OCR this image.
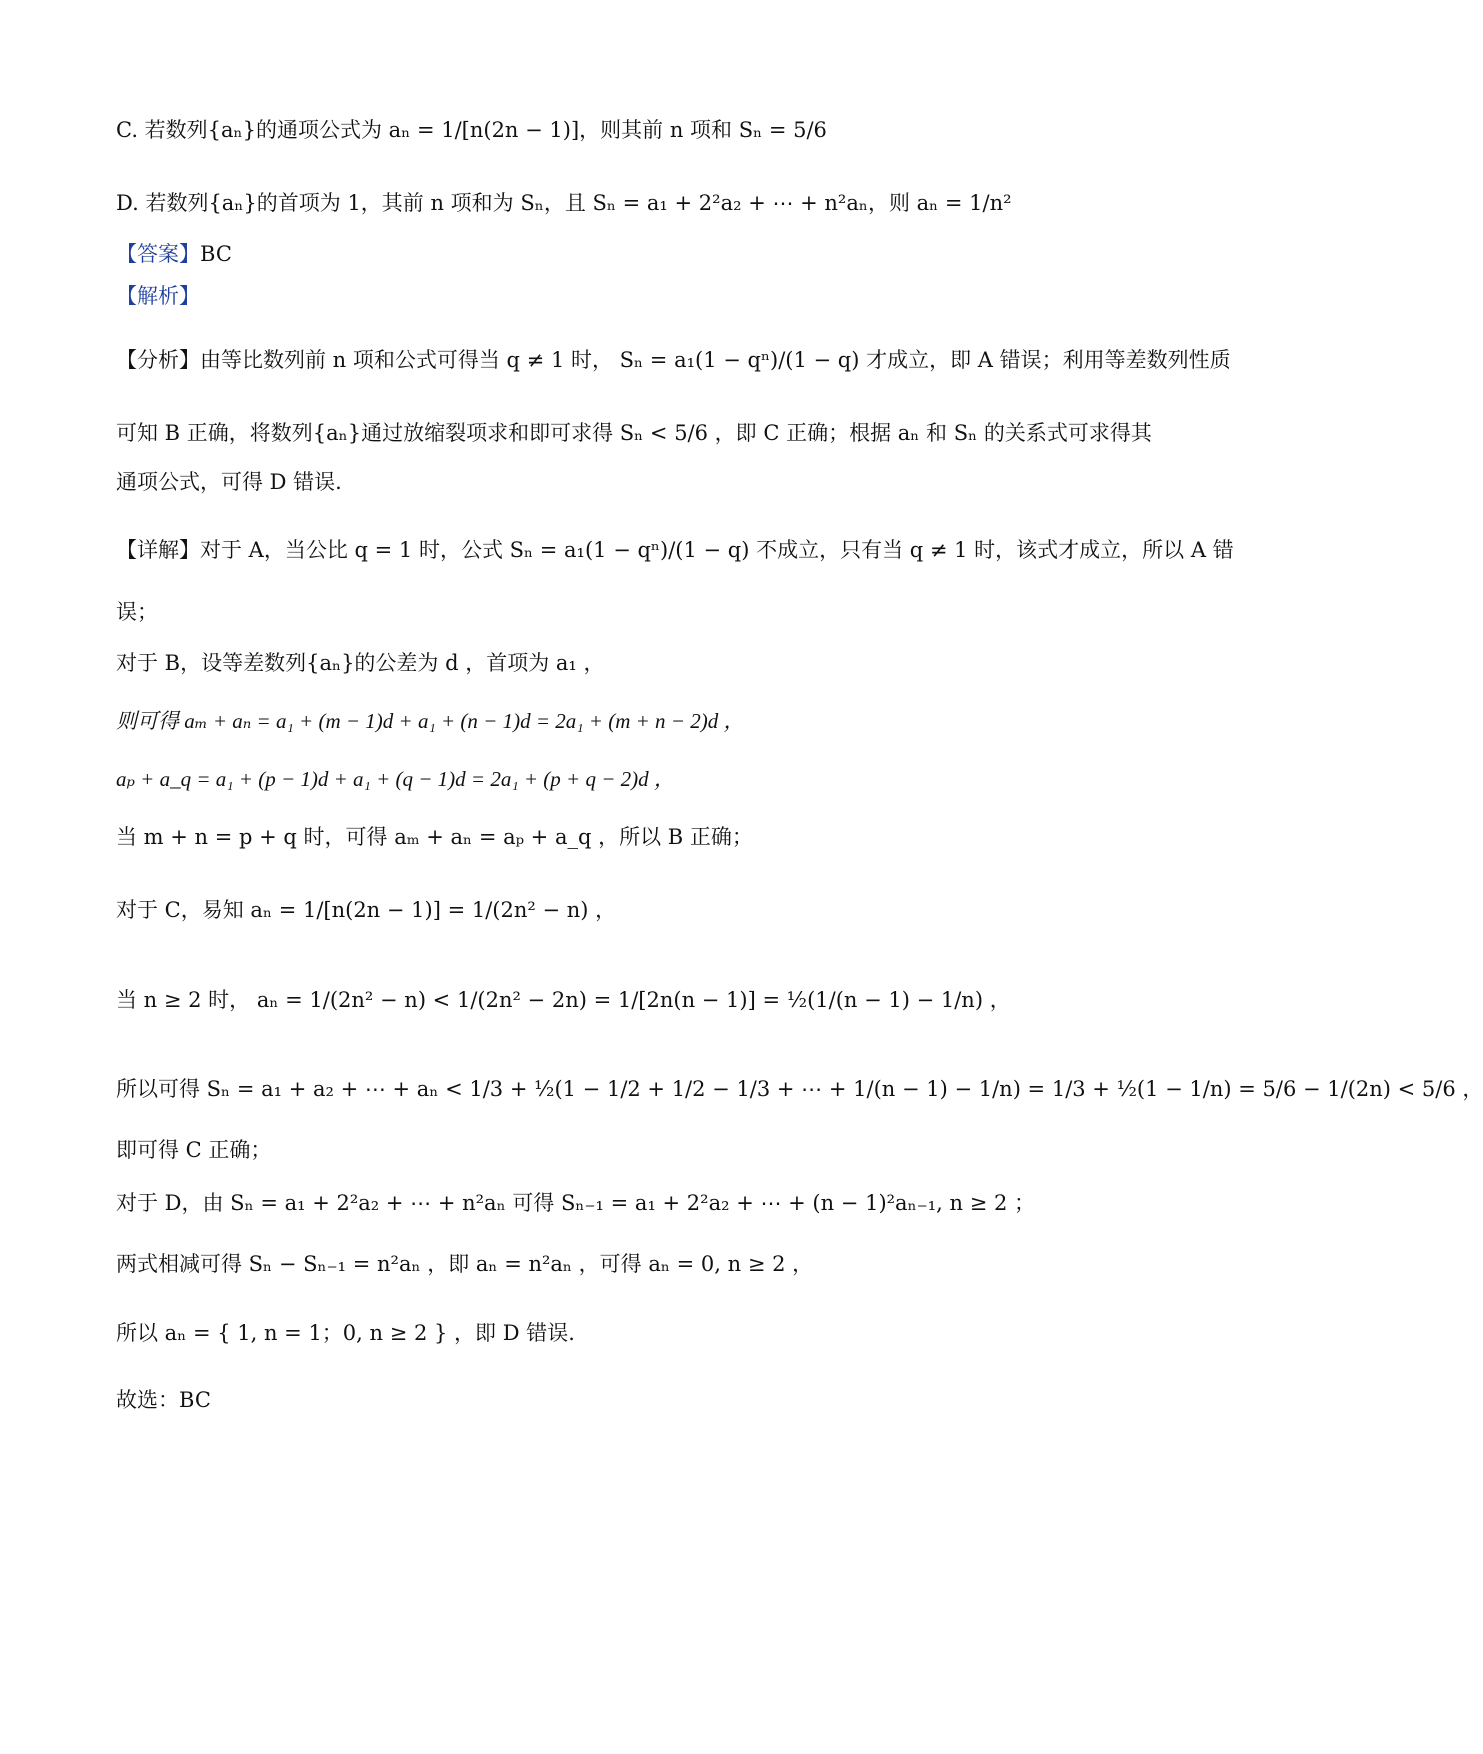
C. 若数列{aₙ}的通项公式为 aₙ = 1/[n(2n − 1)]，则其前 n 项和 Sₙ = 5/6
D. 若数列{aₙ}的首项为 1，其前 n 项和为 Sₙ，且 Sₙ = a₁ + 2²a₂ + ⋯ + n²aₙ，则 aₙ = 1/n²
【答案】BC
【解析】
【分析】由等比数列前 n 项和公式可得当 q ≠ 1 时， Sₙ = a₁(1 − qⁿ)/(1 − q) 才成立，即 A 错误；利用等差数列性质
可知 B 正确，将数列{aₙ}通过放缩裂项求和即可求得 Sₙ < 5/6 ，即 C 正确；根据 aₙ 和 Sₙ 的关系式可求得其
通项公式，可得 D 错误.
【详解】对于 A，当公比 q = 1 时，公式 Sₙ = a₁(1 − qⁿ)/(1 − q) 不成立，只有当 q ≠ 1 时，该式才成立，所以 A 错
误；
对于 B，设等差数列{aₙ}的公差为 d ，首项为 a₁ ，
则可得 aₘ + aₙ = a₁ + (m − 1)d + a₁ + (n − 1)d = 2a₁ + (m + n − 2)d ，
aₚ + a_q = a₁ + (p − 1)d + a₁ + (q − 1)d = 2a₁ + (p + q − 2)d ，
当 m + n = p + q 时，可得 aₘ + aₙ = aₚ + a_q ，所以 B 正确；
对于 C，易知 aₙ = 1/[n(2n − 1)] = 1/(2n² − n) ，
当 n ≥ 2 时， aₙ = 1/(2n² − n) < 1/(2n² − 2n) = 1/[2n(n − 1)] = ½(1/(n − 1) − 1/n) ，
所以可得 Sₙ = a₁ + a₂ + ⋯ + aₙ < 1/3 + ½(1 − 1/2 + 1/2 − 1/3 + ⋯ + 1/(n − 1) − 1/n) = 1/3 + ½(1 − 1/n) = 5/6 − 1/(2n) < 5/6 ，
即可得 C 正确；
对于 D，由 Sₙ = a₁ + 2²a₂ + ⋯ + n²aₙ 可得 Sₙ₋₁ = a₁ + 2²a₂ + ⋯ + (n − 1)²aₙ₋₁, n ≥ 2 ；
两式相减可得 Sₙ − Sₙ₋₁ = n²aₙ ，即 aₙ = n²aₙ ，可得 aₙ = 0, n ≥ 2 ，
所以 aₙ = { 1, n = 1；0, n ≥ 2 } ，即 D 错误.
故选：BC
